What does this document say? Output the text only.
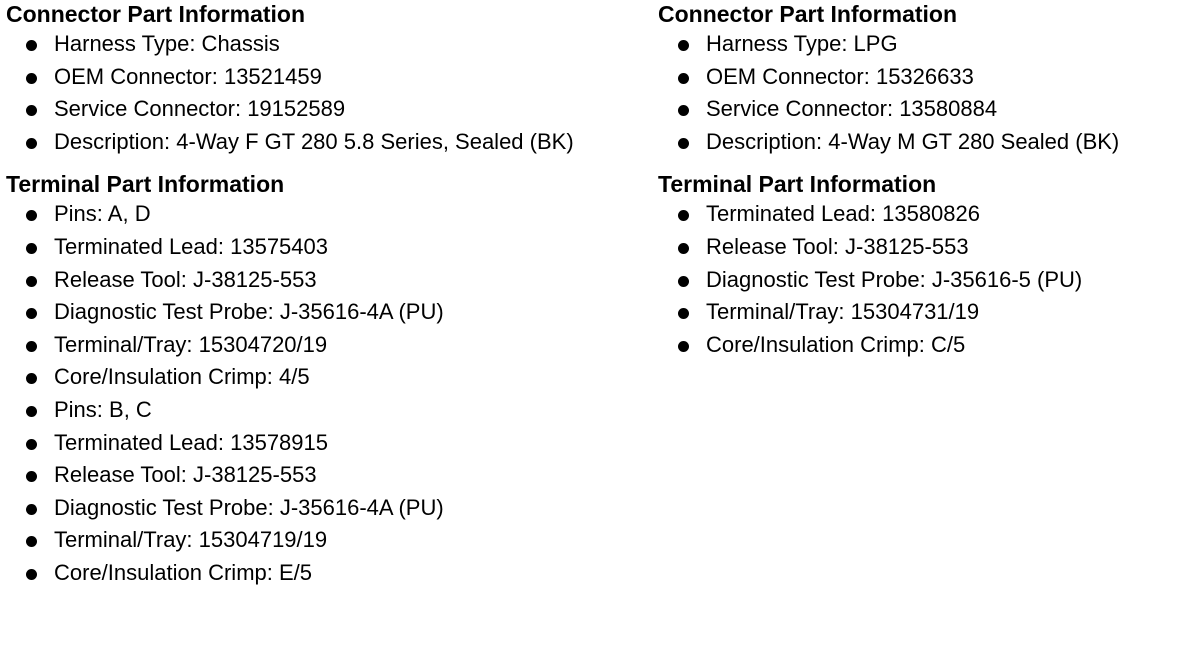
Connector Part Information
Harness Type: Chassis
OEM Connector: 13521459
Service Connector: 19152589
Description: 4-Way F GT 280 5.8 Series, Sealed (BK)
Terminal Part Information
Pins: A, D
Terminated Lead: 13575403
Release Tool: J-38125-553
Diagnostic Test Probe: J-35616-4A (PU)
Terminal/Tray: 15304720/19
Core/Insulation Crimp: 4/5
Pins: B, C
Terminated Lead: 13578915
Release Tool: J-38125-553
Diagnostic Test Probe: J-35616-4A (PU)
Terminal/Tray: 15304719/19
Core/Insulation Crimp: E/5
Connector Part Information
Harness Type: LPG
OEM Connector: 15326633
Service Connector: 13580884
Description: 4-Way M GT 280 Sealed (BK)
Terminal Part Information
Terminated Lead: 13580826
Release Tool: J-38125-553
Diagnostic Test Probe: J-35616-5 (PU)
Terminal/Tray: 15304731/19
Core/Insulation Crimp: C/5
